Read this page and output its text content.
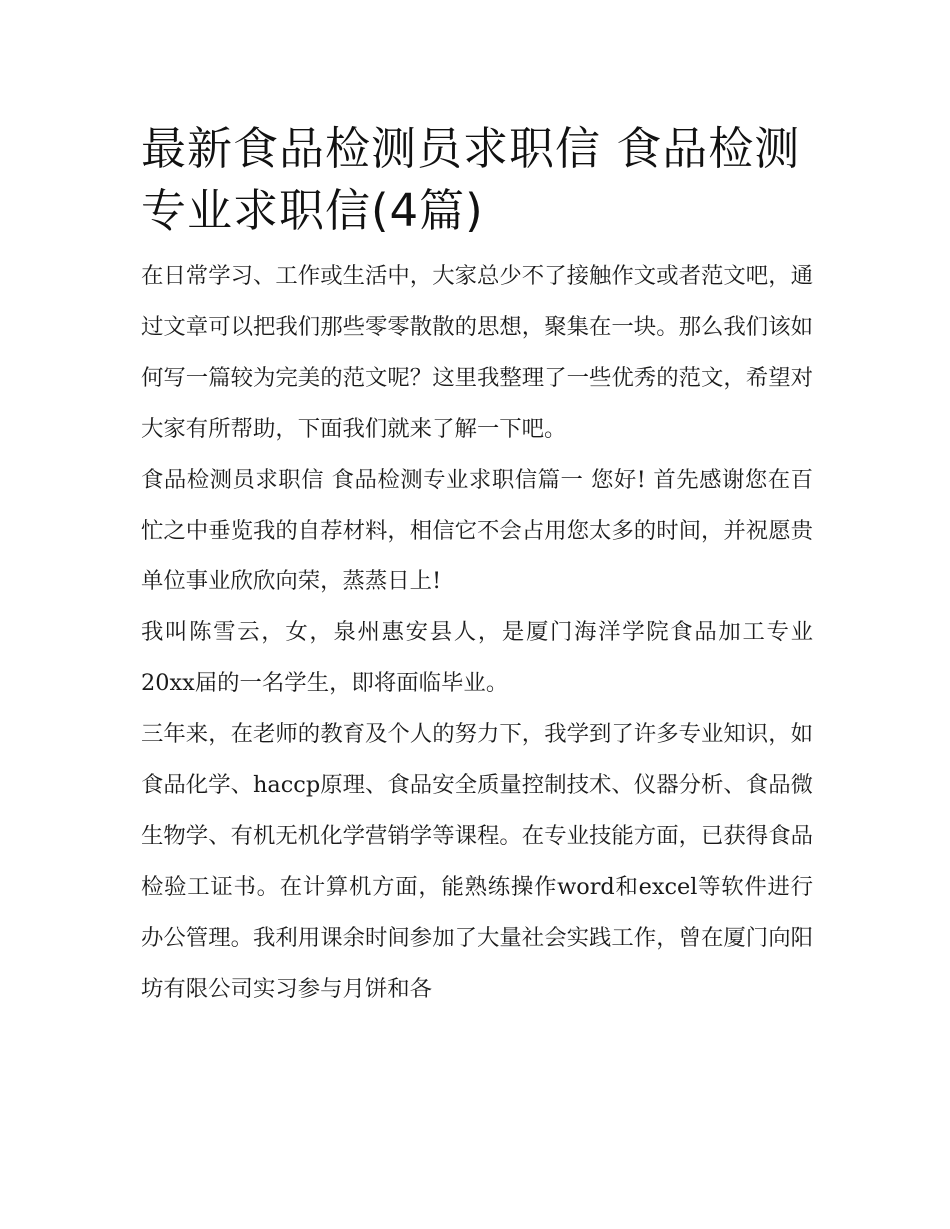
最新食品检测员求职信 食品检测专业求职信(4篇)

在日常学习、工作或生活中，大家总少不了接触作文或者范文吧，通过文章可以把我们那些零零散散的思想，聚集在一块。那么我们该如何写一篇较为完美的范文呢？这里我整理了一些优秀的范文，希望对大家有所帮助，下面我们就来了解一下吧。

食品检测员求职信 食品检测专业求职信篇一 您好! 首先感谢您在百忙之中垂览我的自荐材料，相信它不会占用您太多的时间，并祝愿贵单位事业欣欣向荣，蒸蒸日上!

我叫陈雪云，女，泉州惠安县人，是厦门海洋学院食品加工专业20xx届的一名学生，即将面临毕业。

三年来，在老师的教育及个人的努力下，我学到了许多专业知识，如食品化学、haccp原理、食品安全质量控制技术、仪器分析、食品微生物学、有机无机化学营销学等课程。在专业技能方面，已获得食品检验工证书。在计算机方面，能熟练操作word和excel等软件进行办公管理。我利用课余时间参加了大量社会实践工作，曾在厦门向阳坊有限公司实习参与月饼和各
